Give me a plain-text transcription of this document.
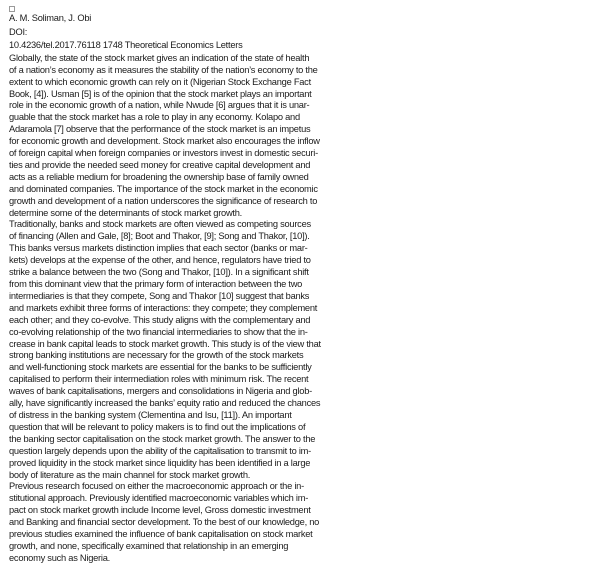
A. M. Soliman, J. Obi
DOI:
10.4236/tel.2017.76118 1748 Theoretical Economics Letters
Globally, the state of the stock market gives an indication of the state of health
of a nation’s economy as it measures the stability of the nation’s economy to the
extent to which economic growth can rely on it (Nigerian Stock Exchange Fact
Book, [4]). Usman [5] is of the opinion that the stock market plays an important
role in the economic growth of a nation, while Nwude [6] argues that it is unar-
guable that the stock market has a role to play in any economy. Kolapo and
Adaramola [7] observe that the performance of the stock market is an impetus
for economic growth and development. Stock market also encourages the inflow
of foreign capital when foreign companies or investors invest in domestic securi-
ties and provide the needed seed money for creative capital development and
acts as a reliable medium for broadening the ownership base of family owned
and dominated companies. The importance of the stock market in the economic
growth and development of a nation underscores the significance of research to
determine some of the determinants of stock market growth.
Traditionally, banks and stock markets are often viewed as competing sources
of financing (Allen and Gale, [8]; Boot and Thakor, [9]; Song and Thakor, [10]).
This banks versus markets distinction implies that each sector (banks or mar-
kets) develops at the expense of the other, and hence, regulators have tried to
strike a balance between the two (Song and Thakor, [10]). In a significant shift
from this dominant view that the primary form of interaction between the two
intermediaries is that they compete, Song and Thakor [10] suggest that banks
and markets exhibit three forms of interactions: they compete; they complement
each other; and they co-evolve. This study aligns with the complementary and
co-evolving relationship of the two financial intermediaries to show that the in-
crease in bank capital leads to stock market growth. This study is of the view that
strong banking institutions are necessary for the growth of the stock markets
and well-functioning stock markets are essential for the banks to be sufficiently
capitalised to perform their intermediation roles with minimum risk. The recent
waves of bank capitalisations, mergers and consolidations in Nigeria and glob-
ally, have significantly increased the banks’ equity ratio and reduced the chances
of distress in the banking system (Clementina and Isu, [11]). An important
question that will be relevant to policy makers is to find out the implications of
the banking sector capitalisation on the stock market growth. The answer to the
question largely depends upon the ability of the capitalisation to transmit to im-
proved liquidity in the stock market since liquidity has been identified in a large
body of literature as the main channel for stock market growth.
Previous research focused on either the macroeconomic approach or the in-
stitutional approach. Previously identified macroeconomic variables which im-
pact on stock market growth include Income level, Gross domestic investment
and Banking and financial sector development. To the best of our knowledge, no
previous studies examined the influence of bank capitalisation on stock market
growth, and none, specifically examined that relationship in an emerging
economy such as Nigeria.
